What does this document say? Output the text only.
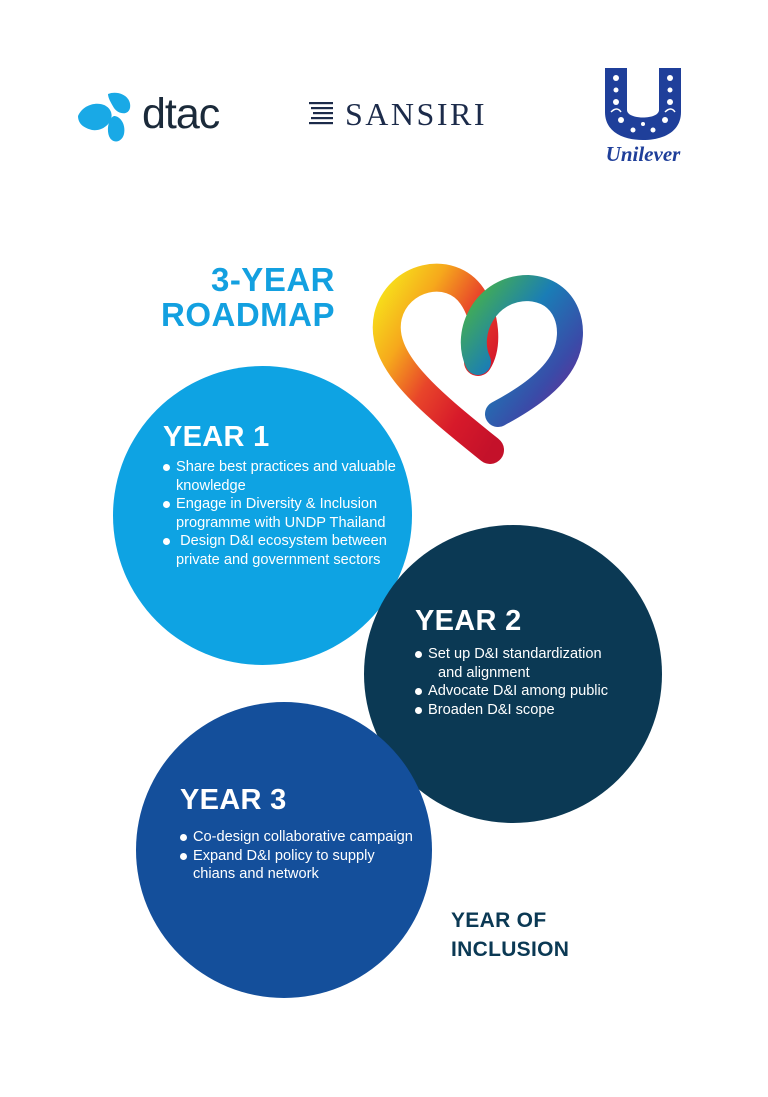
dtac	SANSIRI
Unilever
3-YEAR
ROADMAP
YEAR 1
Share best practices and valuable knowledge
Engage in Diversity & Inclusion programme with UNDP Thailand
Design D&I ecosystem between private and government sectors
YEAR 2
Set up D&I standardization
and alignment
Advocate D&I among public
Broaden D&I scope
YEAR 3
Co-design collaborative campaign
Expand D&I policy to supply chians and network
YEAR OF
INCLUSION
